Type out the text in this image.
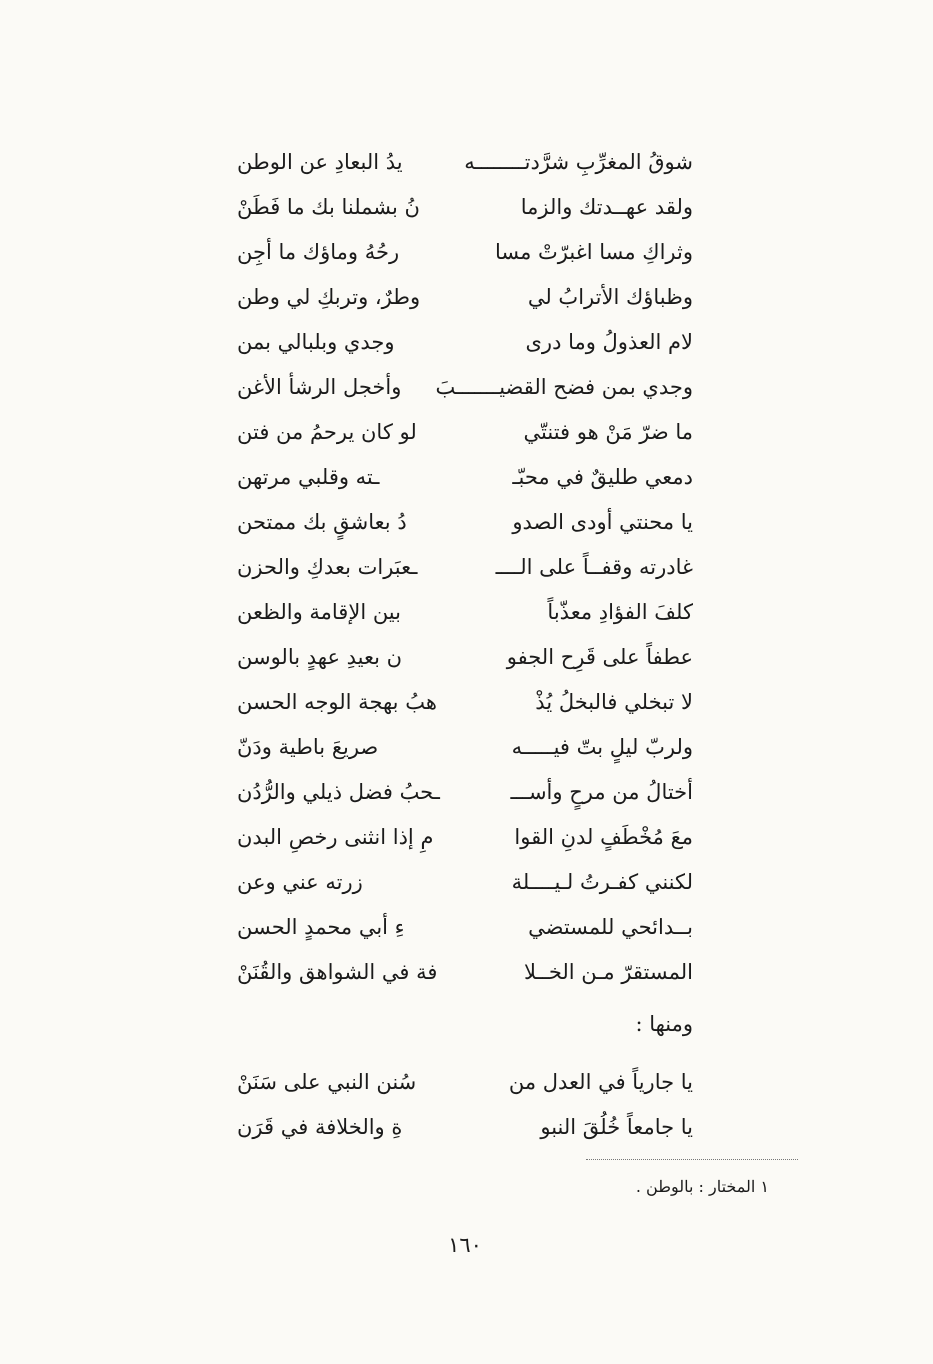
شوقُ المغرِّبِ شرَّدتــــــــه
يدُ البعادِ عن الوطن
ولقد عهــدتك والزما
نُ بشملنا بك ما فَطَنْ
وثراكِ مسا اغبرّتْ مسا
رحُهُ وماؤك ما أجِن
وظباؤك الأترابُ لي
وطرٌ، وتربكِ لي وطن
لام العذولُ وما درى
وجدي وبلبالي بمن
وجدي بمن فضح القضيـــــــبَ
وأخجل الرشأ الأغن
ما ضرّ مَنْ هو فتنتّي
لو كان يرحمُ من فتن
دمعي طليقٌ في محبّـ
ـته وقلبي مرتهن
يا محنتي أودى الصدو
دُ بعاشقٍ بك ممتحن
غادرته وقفــاً على الــــ
ـعبَرات بعدكِ والحزن
كلفَ الفؤادِ معذّباً
بين الإقامة والظعن
عطفاً على قَرِح الجفو
ن بعيدِ عهدٍ بالوسن
لا تبخلي فالبخلُ يُذْ
هبُ بهجة الوجه الحسن
ولربّ ليلٍ بتّ فيـــــه
صريعَ باطية ودَنّ
أختالُ من مرحٍ وأســـ
ـحبُ فضل ذيلي والرُّدُن
معَ مُخْطَفٍ لدنِ القوا
مِ إذا انثنى رخصِ البدن
لكنني كفـرتُ لـيــــلة
زرته عني وعن
بــدائحي للمستضي
ءِ أبي محمدٍ الحسن
المستقرّ مـن الخــلا
فة في الشواهق والقُنَنْ
ومنها :
يا جارياً في العدل من
سُنن النبي على سَنَنْ
يا جامعاً خُلُقَ النبو
ةِ والخلافة في قَرَن
١ المختار : بالوطن .
١٦٠
